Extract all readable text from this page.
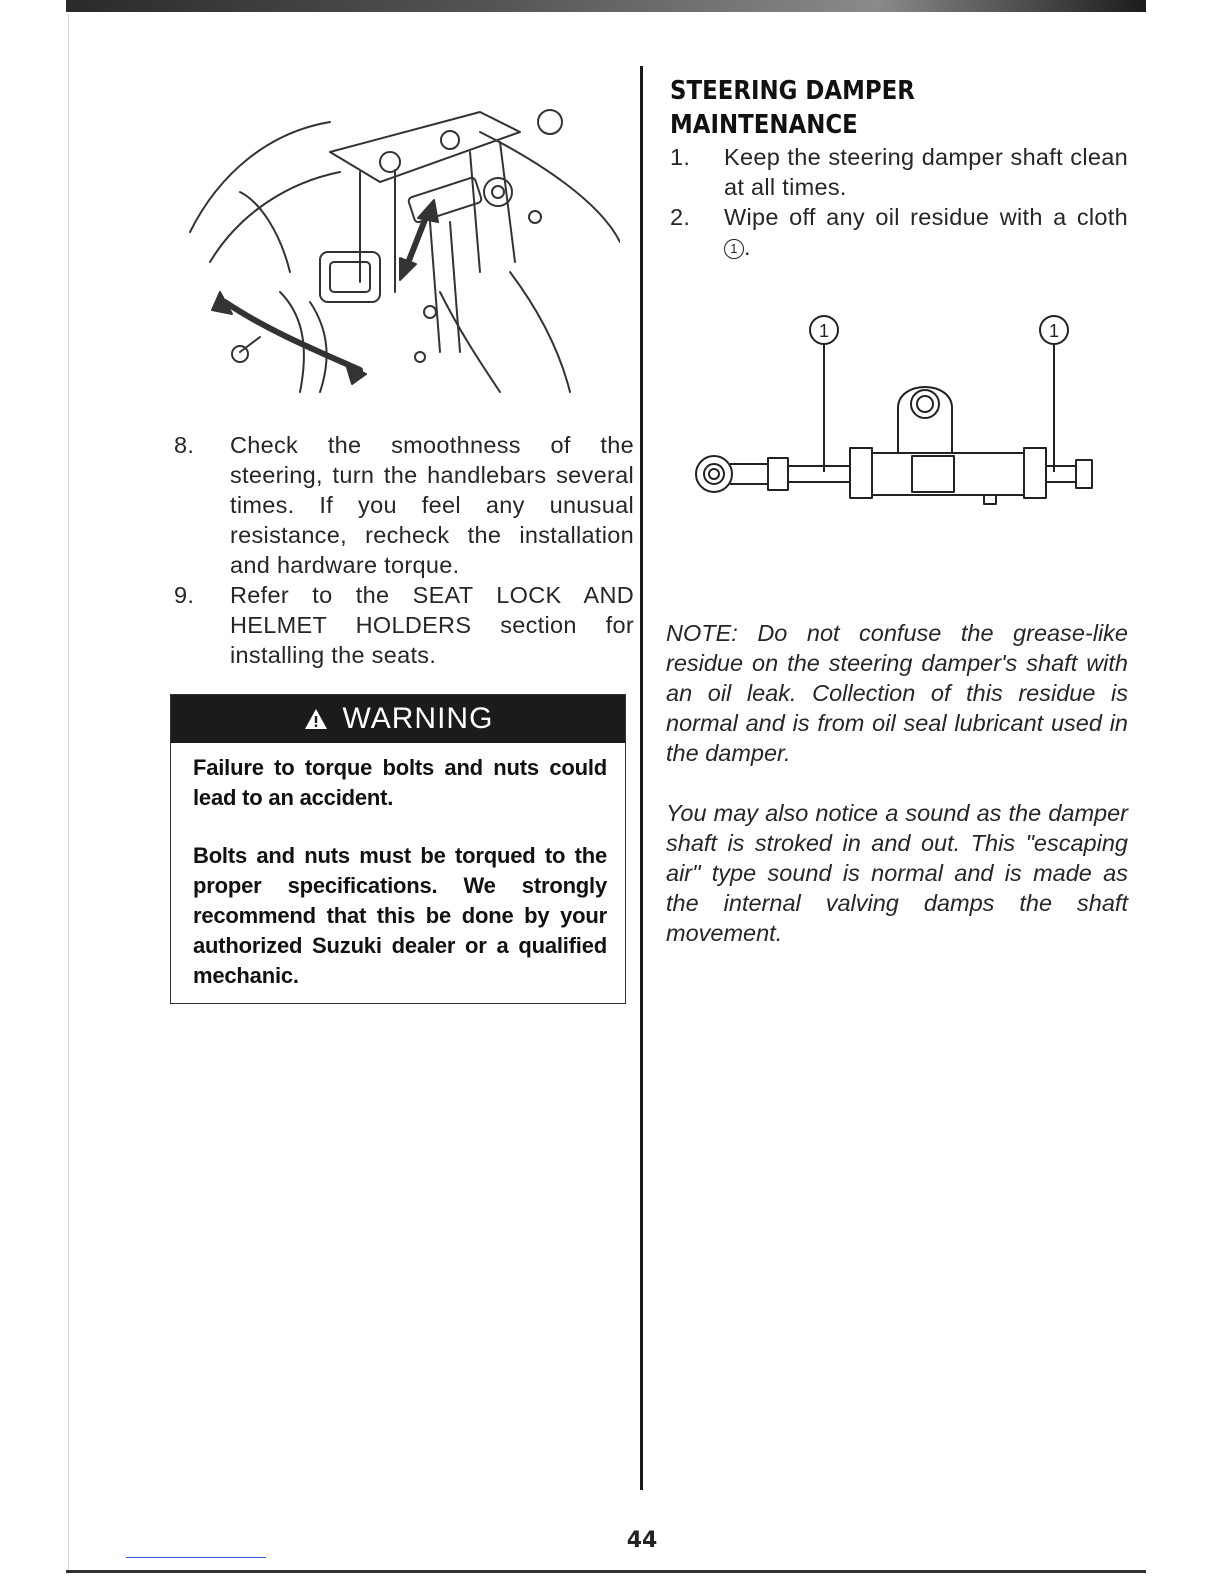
8.	Check the smoothness of the steering, turn the handlebars several times. If you feel any unusual resistance, recheck the installation and hardware torque.
9.	Refer to the SEAT LOCK AND HELMET HOLDERS section for installing the seats.
WARNING

Failure to torque bolts and nuts could lead to an accident.

Bolts and nuts must be torqued to the proper specifications. We strongly recommend that this be done by your authorized Suzuki dealer or a qualified mechanic.

STEERING DAMPER MAINTENANCE
1.	Keep the steering damper shaft clean at all times.
2.	Wipe off any oil residue with a cloth 1 .
1	1

NOTE: Do not confuse the grease-like residue on the steering damper's shaft with an oil leak. Collection of this residue is normal and is from oil seal lubricant used in the damper.

You may also notice a sound as the damper shaft is stroked in and out. This "escaping air" type sound is normal and is made as the internal valving damps the shaft movement.

44
